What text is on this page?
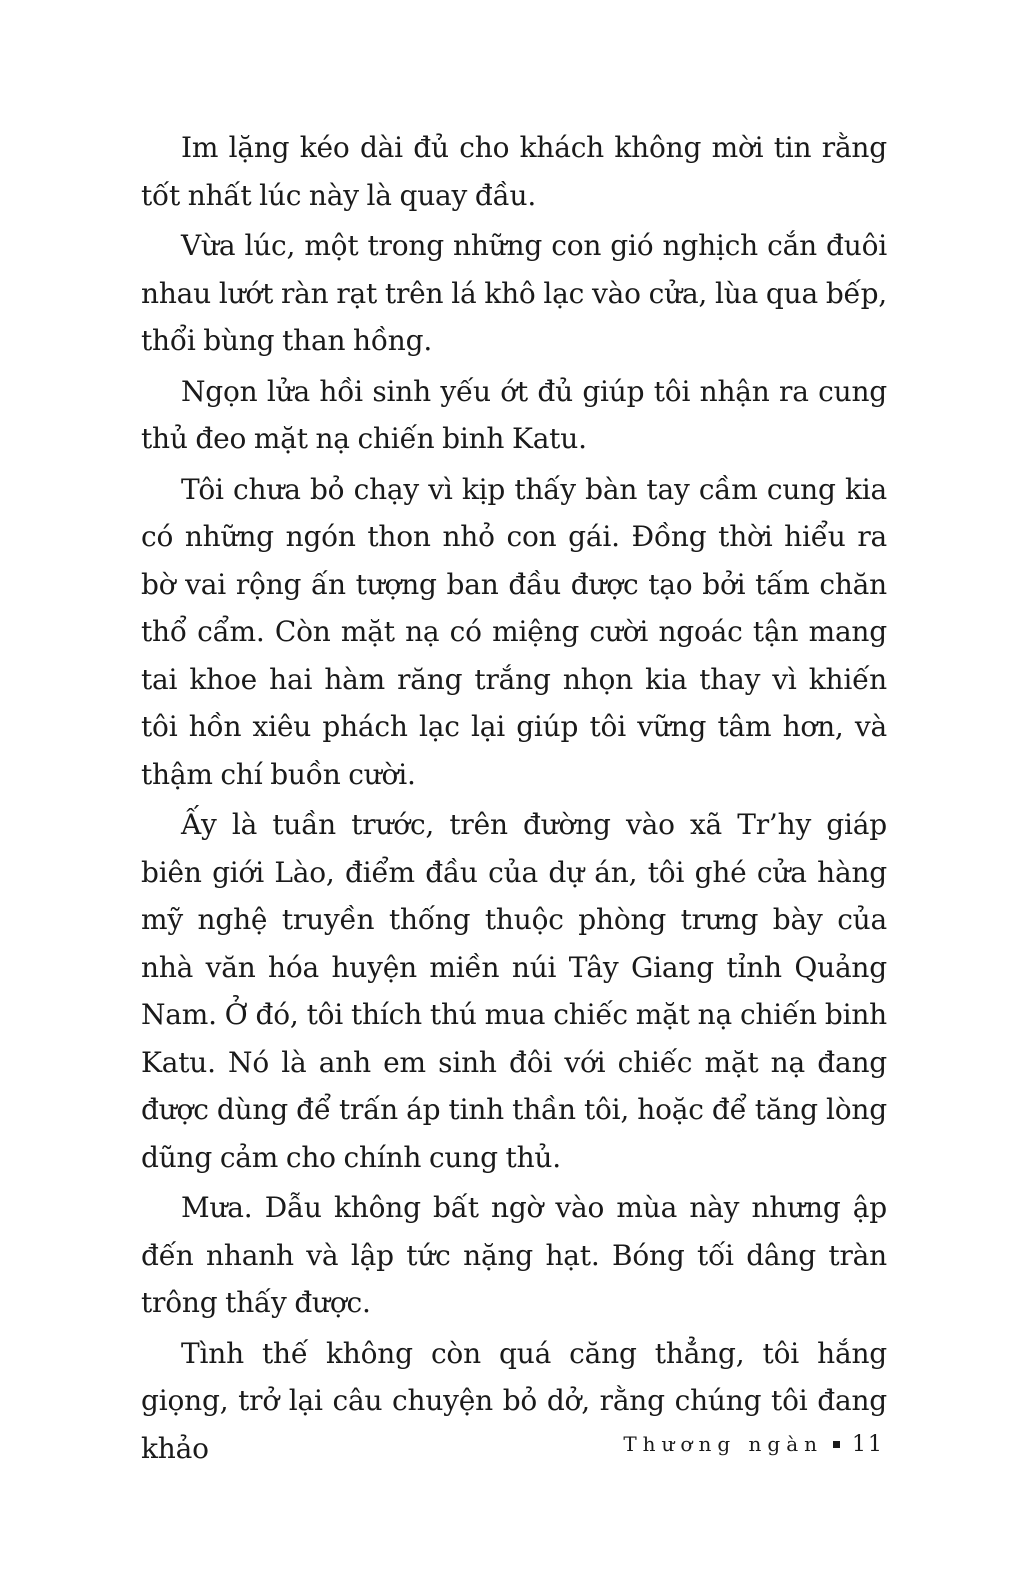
Im lặng kéo dài đủ cho khách không mời tin rằng tốt nhất lúc này là quay đầu.

Vừa lúc, một trong những con gió nghịch cắn đuôi nhau lướt ràn rạt trên lá khô lạc vào cửa, lùa qua bếp, thổi bùng than hồng.

Ngọn lửa hồi sinh yếu ớt đủ giúp tôi nhận ra cung thủ đeo mặt nạ chiến binh Katu.

Tôi chưa bỏ chạy vì kịp thấy bàn tay cầm cung kia có những ngón thon nhỏ con gái. Đồng thời hiểu ra bờ vai rộng ấn tượng ban đầu được tạo bởi tấm chăn thổ cẩm. Còn mặt nạ có miệng cười ngoác tận mang tai khoe hai hàm răng trắng nhọn kia thay vì khiến tôi hồn xiêu phách lạc lại giúp tôi vững tâm hơn, và thậm chí buồn cười.

Ấy là tuần trước, trên đường vào xã Tr’hy giáp biên giới Lào, điểm đầu của dự án, tôi ghé cửa hàng mỹ nghệ truyền thống thuộc phòng trưng bày của nhà văn hóa huyện miền núi Tây Giang tỉnh Quảng Nam. Ở đó, tôi thích thú mua chiếc mặt nạ chiến binh Katu. Nó là anh em sinh đôi với chiếc mặt nạ đang được dùng để trấn áp tinh thần tôi, hoặc để tăng lòng dũng cảm cho chính cung thủ.

Mưa. Dẫu không bất ngờ vào mùa này nhưng ập đến nhanh và lập tức nặng hạt. Bóng tối dâng tràn trông thấy được.

Tình thế không còn quá căng thẳng, tôi hắng giọng, trở lại câu chuyện bỏ dở, rằng chúng tôi đang khảo	Thương ngàn 11
